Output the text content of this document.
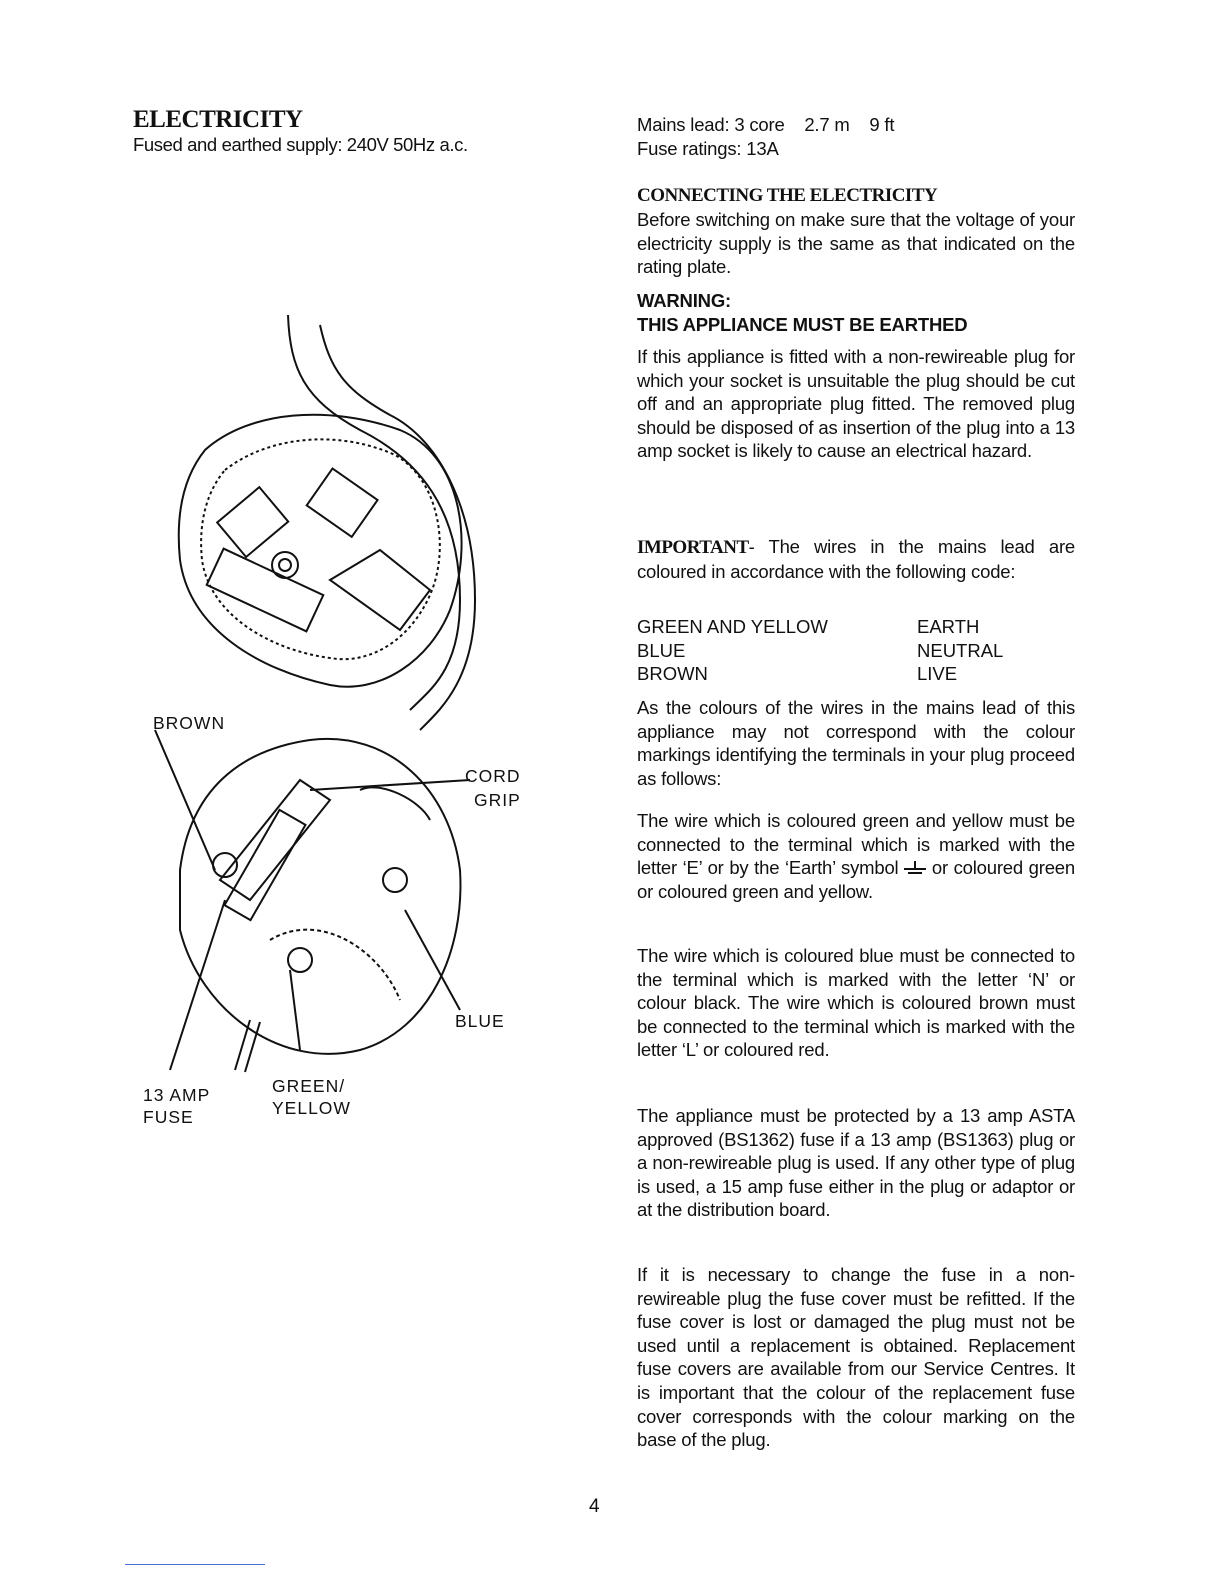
ELECTRICITY
Fused and earthed supply: 240V 50Hz a.c.
BROWN
CORD
GRIP
BLUE
13 AMP
FUSE
GREEN/
YELLOW
Mains lead: 3 core    2.7 m    9 ft
Fuse ratings: 13A
CONNECTING THE ELECTRICITY
Before switching on make sure that the voltage of your electricity supply is the same as that indicated on the rating plate.
WARNING:
THIS APPLIANCE MUST BE EARTHED
If this appliance is fitted with a non-rewireable plug for which your socket is unsuitable the plug should be cut off and an appropriate plug fitted. The removed plug should be disposed of as insertion of the plug into a 13 amp socket is likely to cause an electrical hazard.
IMPORTANT- The wires in the mains lead are coloured in accordance with the following code:
GREEN AND YELLOW	EARTH
BLUE	NEUTRAL
BROWN	LIVE
As the colours of the wires in the mains lead of this appliance may not correspond with the colour markings identifying the terminals in your plug proceed as follows:
The wire which is coloured green and yellow must be connected to the terminal which is marked with the letter ‘E’ or by the ‘Earth’ symbol
or coloured green or coloured green and yellow.
The wire which is coloured blue must be connected to the terminal which is marked with the letter ‘N’ or colour black. The wire which is coloured brown must be connected to the terminal which is marked with the letter ‘L’ or coloured red.
The appliance must be protected by a 13 amp ASTA approved (BS1362) fuse if a 13 amp (BS1363) plug or a non-rewireable plug is used. If any other type of plug is used, a 15 amp fuse either in the plug or adaptor or at the distribution board.
If it is necessary to change the fuse in a non-rewireable plug the fuse cover must be refitted. If the fuse cover is lost or damaged the plug must not be used until a replacement is obtained. Replacement fuse covers are available from our Service Centres. It is important that the colour of the replacement fuse cover corresponds with the colour marking on the base of the plug.
4
